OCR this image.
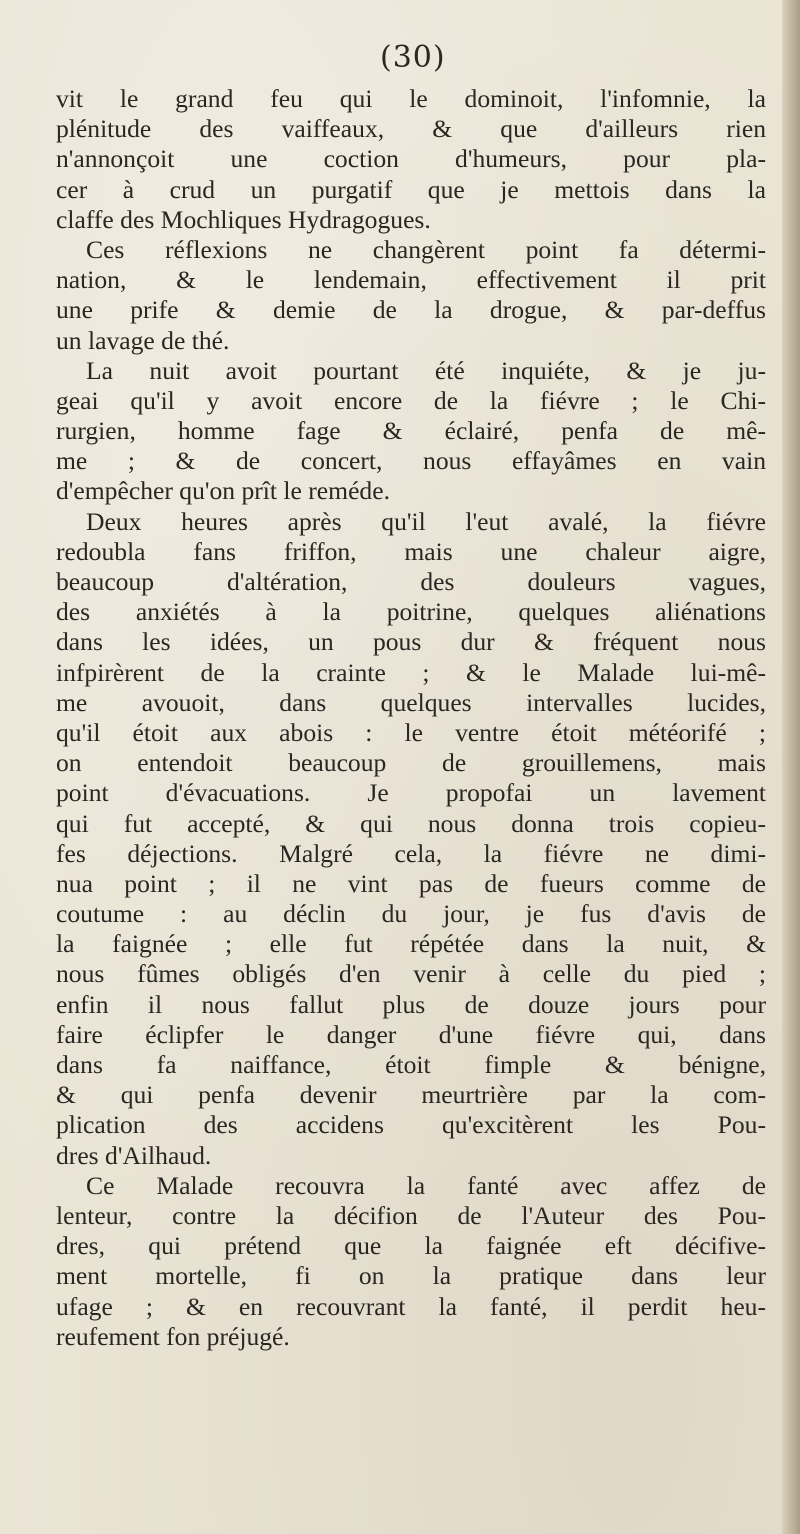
(30)
vit le grand feu qui le dominoit, l'infomnie, la
plénitude des vaiffeaux, & que d'ailleurs rien
n'annonçoit une coction d'humeurs, pour pla-
cer à crud un purgatif que je mettois dans la
claffe des Mochliques Hydragogues.
Ces réflexions ne changèrent point fa détermi-
nation, & le lendemain, effectivement il prit
une prife & demie de la drogue, & par-deffus
un lavage de thé.
La nuit avoit pourtant été inquiéte, & je ju-
geai qu'il y avoit encore de la fiévre ; le Chi-
rurgien, homme fage & éclairé, penfa de mê-
me ; & de concert, nous effayâmes en vain
d'empêcher qu'on prît le reméde.
Deux heures après qu'il l'eut avalé, la fiévre
redoubla fans friffon, mais une chaleur aigre,
beaucoup d'altération, des douleurs vagues,
des anxiétés à la poitrine, quelques aliénations
dans les idées, un pous dur & fréquent nous
infpirèrent de la crainte ; & le Malade lui-mê-
me avouoit, dans quelques intervalles lucides,
qu'il étoit aux abois : le ventre étoit météorifé ;
on entendoit beaucoup de grouillemens, mais
point d'évacuations. Je propofai un lavement
qui fut accepté, & qui nous donna trois copieu-
fes déjections. Malgré cela, la fiévre ne dimi-
nua point ; il ne vint pas de fueurs comme de
coutume : au déclin du jour, je fus d'avis de
la faignée ; elle fut répétée dans la nuit, &
nous fûmes obligés d'en venir à celle du pied ;
enfin il nous fallut plus de douze jours pour
faire éclipfer le danger d'une fiévre qui, dans
dans fa naiffance, étoit fimple & bénigne,
& qui penfa devenir meurtrière par la com-
plication des accidens qu'excitèrent les Pou-
dres d'Ailhaud.
Ce Malade recouvra la fanté avec affez de
lenteur, contre la décifion de l'Auteur des Pou-
dres, qui prétend que la faignée eft décifive-
ment mortelle, fi on la pratique dans leur
ufage ; & en recouvrant la fanté, il perdit heu-
reufement fon préjugé.
